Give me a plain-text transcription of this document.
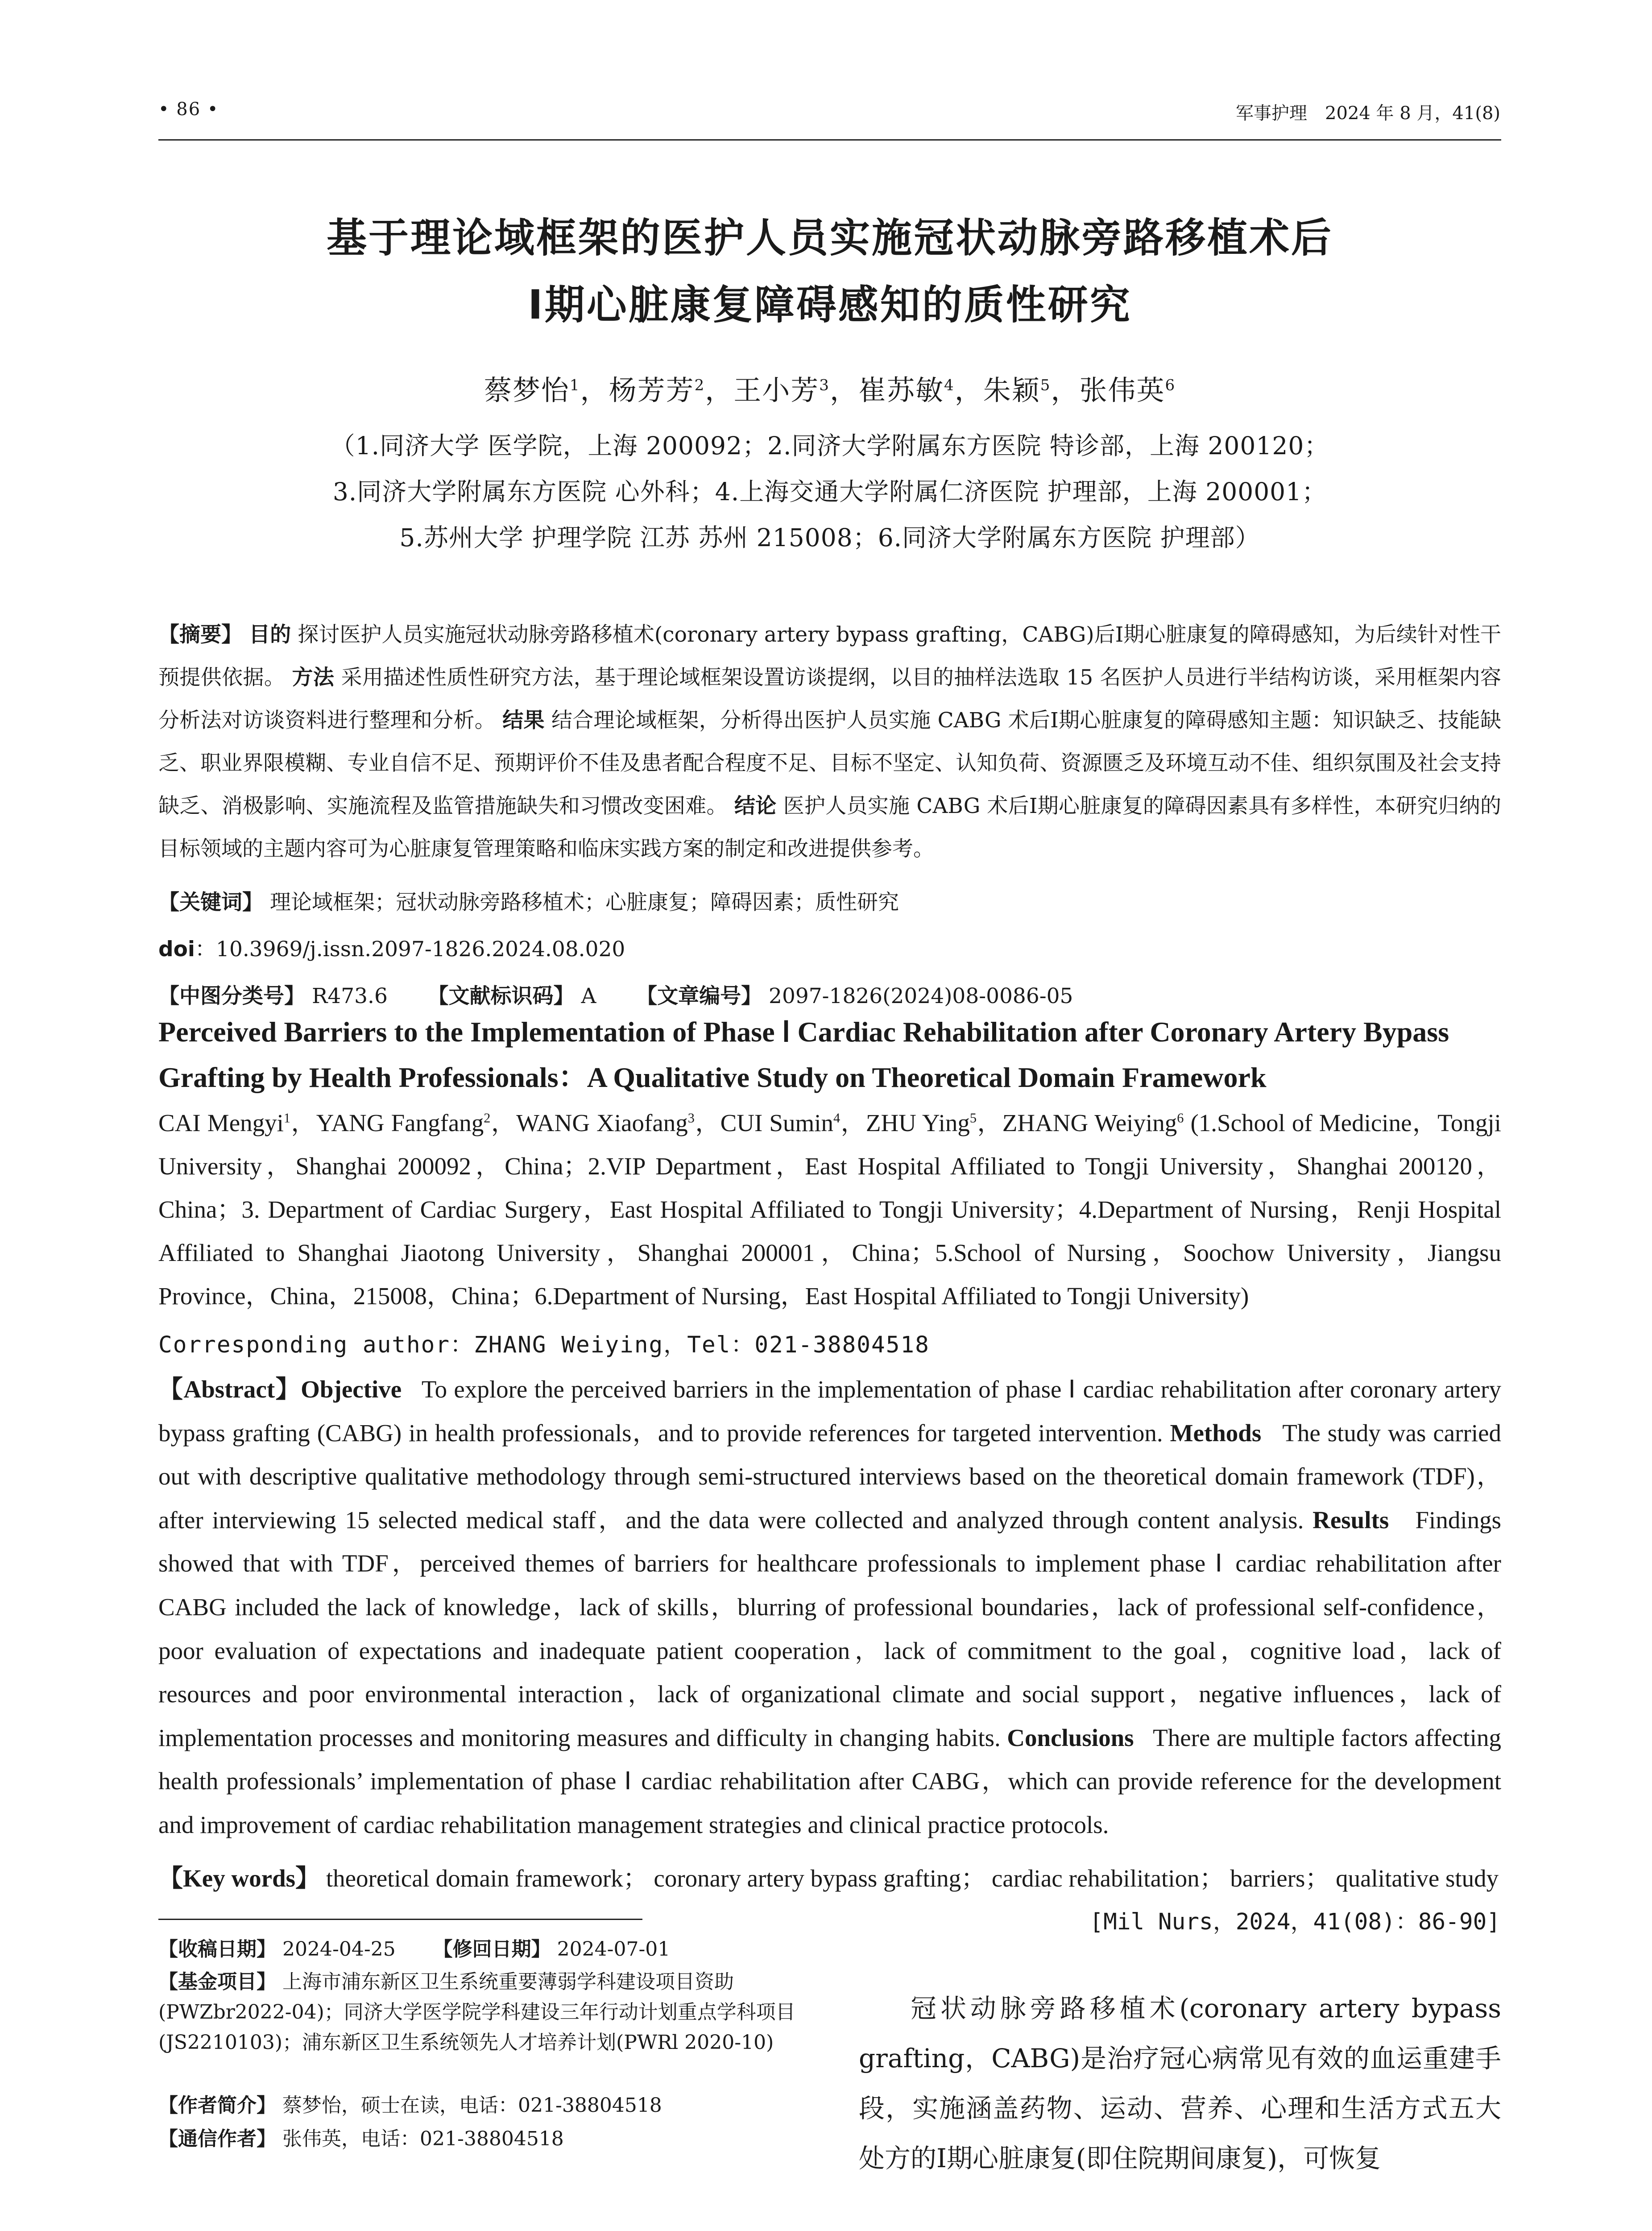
• 86 •	军事护理　2024 年 8 月，41(8)
基于理论域框架的医护人员实施冠状动脉旁路移植术后
Ⅰ期心脏康复障碍感知的质性研究
蔡梦怡$^1$，杨芳芳$^2$，王小芳$^3$，崔苏敏$^4$，朱颖$^5$，张伟英$^6$
（1.同济大学 医学院，上海 200092；2.同济大学附属东方医院 特诊部，上海 200120；
3.同济大学附属东方医院 心外科；4.上海交通大学附属仁济医院 护理部，上海 200001；
5.苏州大学 护理学院 江苏 苏州 215008；6.同济大学附属东方医院 护理部）
【摘要】 目的 探讨医护人员实施冠状动脉旁路移植术(coronary artery bypass grafting，CABG)后Ⅰ期心脏康复的障碍感知，为后续针对性干预提供依据。 方法 采用描述性质性研究方法，基于理论域框架设置访谈提纲，以目的抽样法选取 15 名医护人员进行半结构访谈，采用框架内容分析法对访谈资料进行整理和分析。 结果 结合理论域框架，分析得出医护人员实施 CABG 术后Ⅰ期心脏康复的障碍感知主题：知识缺乏、技能缺乏、职业界限模糊、专业自信不足、预期评价不佳及患者配合程度不足、目标不坚定、认知负荷、资源匮乏及环境互动不佳、组织氛围及社会支持缺乏、消极影响、实施流程及监管措施缺失和习惯改变困难。 结论 医护人员实施 CABG 术后Ⅰ期心脏康复的障碍因素具有多样性，本研究归纳的目标领域的主题内容可为心脏康复管理策略和临床实践方案的制定和改进提供参考。
【关键词】 理论域框架；冠状动脉旁路移植术；心脏康复；障碍因素；质性研究
doi：10.3969/j.issn.2097-1826.2024.08.020
【中图分类号】 R473.6 【文献标识码】 A 【文章编号】 2097-1826(2024)08-0086-05
Perceived Barriers to the Implementation of Phase Ⅰ Cardiac Rehabilitation after Coronary Artery Bypass
Grafting by Health Professionals：A Qualitative Study on Theoretical Domain Framework
CAI Mengyi$^1$，YANG Fangfang$^2$，WANG Xiaofang$^3$，CUI Sumin$^4$，ZHU Ying$^5$，ZHANG Weiying$^6$ (1.School of Medicine，Tongji University，Shanghai 200092，China；2.VIP Department，East Hospital Affiliated to Tongji University，Shanghai 200120，China；3. Department of Cardiac Surgery，East Hospital Affiliated to Tongji University；4.Department of Nursing，Renji Hospital Affiliated to Shanghai Jiaotong University，Shanghai 200001，China；5.School of Nursing，Soochow University，Jiangsu Province，China，215008，China；6.Department of Nursing，East Hospital Affiliated to Tongji University)
Corresponding author：ZHANG Weiying，Tel：021-38804518
【Abstract】Objective To explore the perceived barriers in the implementation of phase Ⅰ cardiac rehabilitation after coronary artery bypass grafting (CABG) in health professionals，and to provide references for targeted intervention. Methods The study was carried out with descriptive qualitative methodology through semi-structured interviews based on the theoretical domain framework (TDF)，after interviewing 15 selected medical staff，and the data were collected and analyzed through content analysis. Results Findings showed that with TDF，perceived themes of barriers for healthcare professionals to implement phase Ⅰ cardiac rehabilitation after CABG included the lack of knowledge，lack of skills，blurring of professional boundaries，lack of professional self-confidence，poor evaluation of expectations and inadequate patient cooperation，lack of commitment to the goal，cognitive load，lack of resources and poor environmental interaction，lack of organizational climate and social support，negative influences，lack of implementation processes and monitoring measures and difficulty in changing habits. Conclusions There are multiple factors affecting health professionals’ implementation of phase Ⅰ cardiac rehabilitation after CABG，which can provide reference for the development and improvement of cardiac rehabilitation management strategies and clinical practice protocols.
【Key words】 theoretical domain framework； coronary artery bypass grafting； cardiac rehabilitation； barriers； qualitative study
[Mil Nurs，2024，41(08)：86-90]
【收稿日期】 2024-04-25 【修回日期】 2024-07-01
【基金项目】 上海市浦东新区卫生系统重要薄弱学科建设项目资助(PWZbr2022-04)；同济大学医学院学科建设三年行动计划重点学科项目(JS2210103)；浦东新区卫生系统领先人才培养计划(PWRl 2020-10)
【作者简介】 蔡梦怡，硕士在读，电话：021-38804518
【通信作者】 张伟英，电话：021-38804518
冠状动脉旁路移植术(coronary artery bypass grafting，CABG)是治疗冠心病常见有效的血运重建手段，实施涵盖药物、运动、营养、心理和生活方式五大处方的Ⅰ期心脏康复(即住院期间康复)，可恢复
